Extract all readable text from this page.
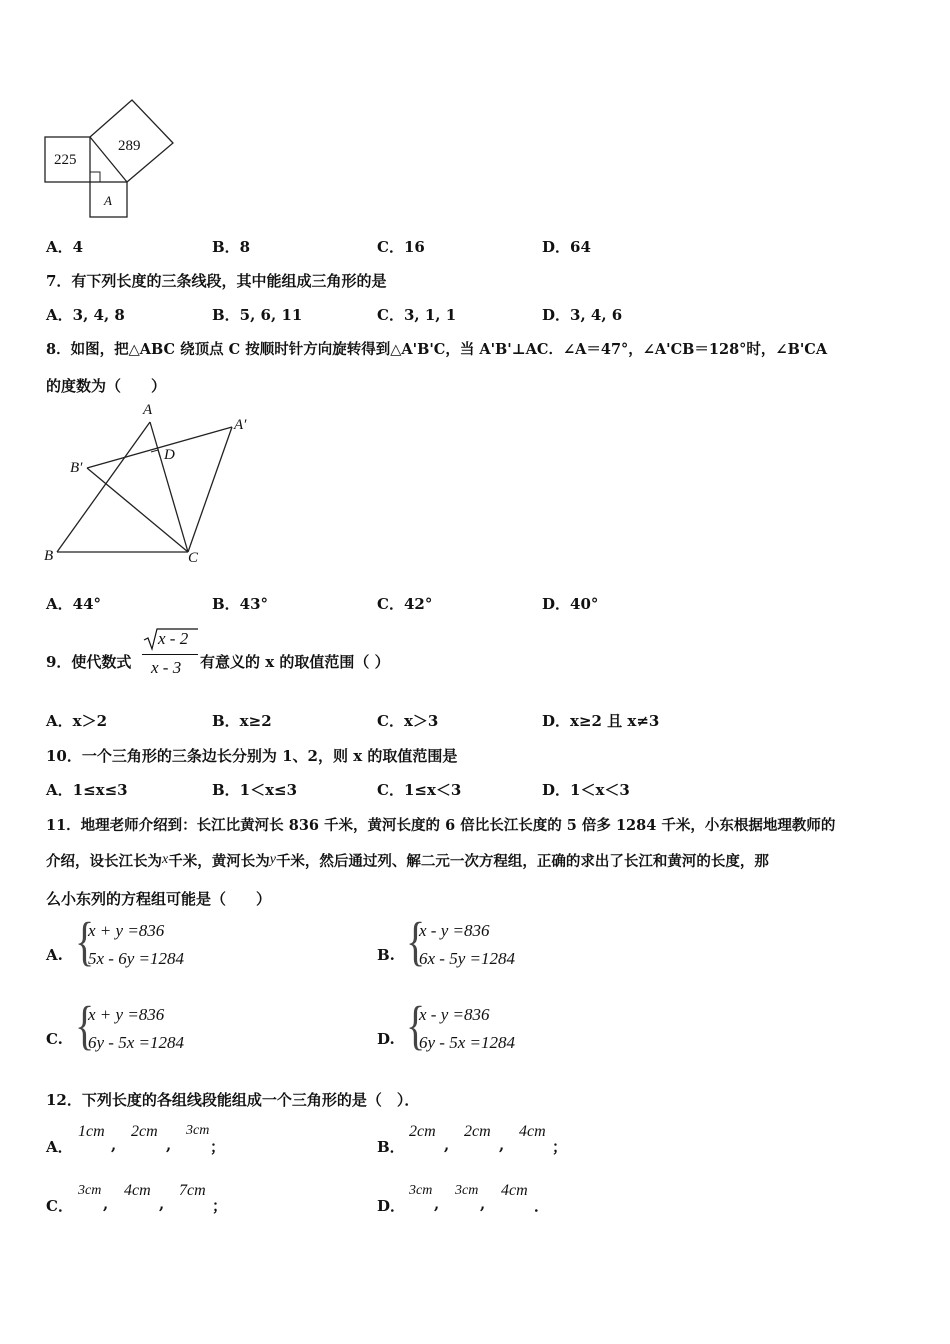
225
289
A
A．4	B．8	C．16	D．64
7．有下列长度的三条线段，其中能组成三角形的是
A．3, 4, 8	B．5, 6, 11	C．3, 1, 1	D．3, 4, 6
8．如图，把△ABC 绕顶点 C 按顺时针方向旋转得到△A'B'C，当 A'B'⊥AC．∠A＝47°，∠A'CB＝128°时，∠B'CA
的度数为（　　）
A
A′
B′
D
B	C
A．44°	B．43°	C．42°	D．40°
9．使代数式
x - 2
x - 3 有意义的 x 的取值范围（ ）
A．x＞2	B．x≥2	C．x＞3	D．x≥2 且 x≠3
10．一个三角形的三条边长分别为 1、2，则 x 的取值范围是
A．1≤x≤3	B．1＜x≤3	C．1≤x＜3	D．1＜x＜3
11．地理老师介绍到：长江比黄河长 836 千米，黄河长度的 6 倍比长江长度的 5 倍多 1284 千米，小东根据地理教师的
介绍，设长江长为x千米，黄河长为y千米，然后通过列、解二元一次方程组，正确的求出了长江和黄河的长度，那
么小东列的方程组可能是（　　）
A. {
x + y =836
5x - 6y =1284	B. {
x - y =836
6x - 5y =1284
C. {
x + y =836
6y - 5x =1284	D. {
x - y =836
6y - 5x =1284
12．下列长度的各组线段能组成一个三角形的是（　）．
A．
1cm
,
2cm
,
3cm
；	B．
2cm
,
2cm
,
4cm
；
C．
3cm
,
4cm
,
7cm
；	D．
3cm
,
3cm
,
4cm
．
